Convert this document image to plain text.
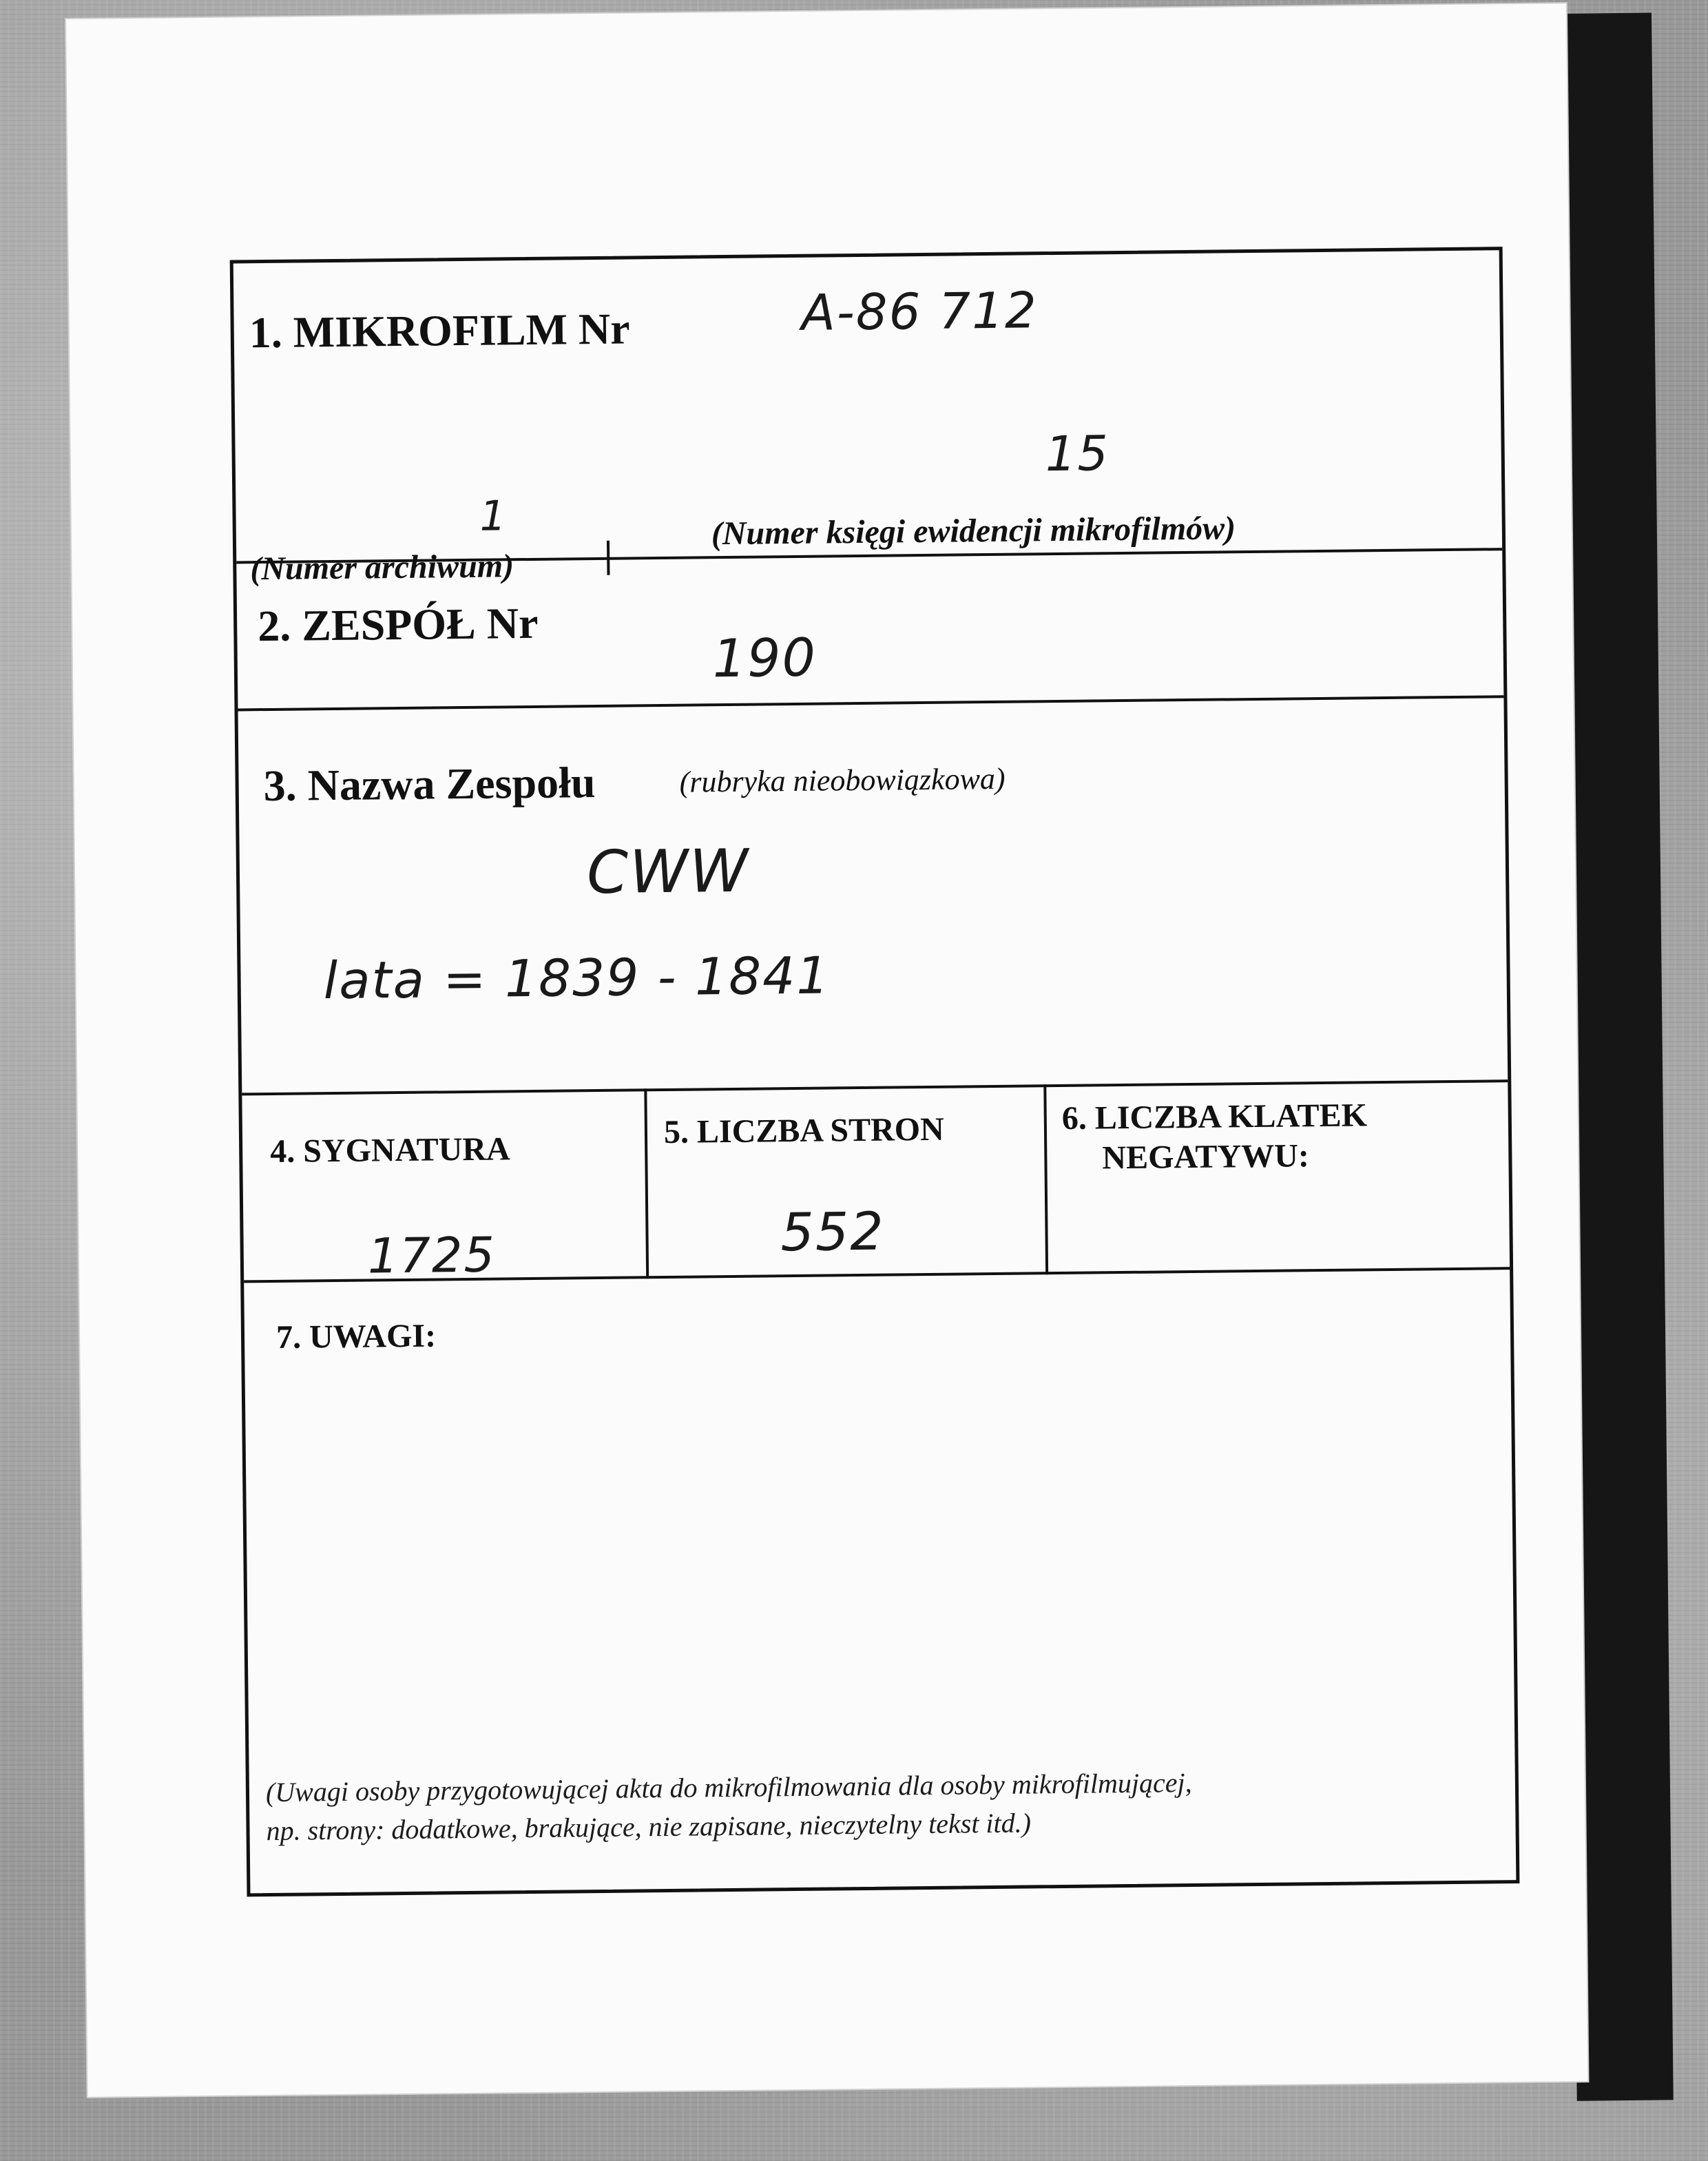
1. MIKROFILM Nr	A-86 712
15
1
(Numer archiwum)
(Numer księgi ewidencji mikrofilmów)
2. ZESPÓŁ Nr
190
3. Nazwa Zespołu	(rubryka nieobowiązkowa)
CWW
lata = 1839 - 1841
4. SYGNATURA	5. LICZBA STRON	6. LICZBA KLATEK
NEGATYWU:
1725	552
7. UWAGI:
(Uwagi osoby przygotowującej akta do mikrofilmowania dla osoby mikrofilmującej,
np. strony: dodatkowe, brakujące, nie zapisane, nieczytelny tekst itd.)
